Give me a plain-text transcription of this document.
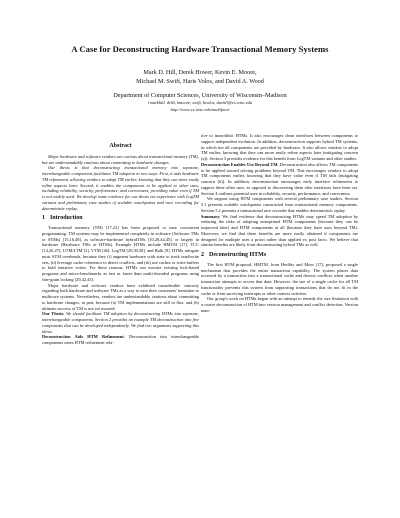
A Case for Deconstructing Hardware Transactional Memory Systems
Mark D. Hill, Derek Hower, Kevin E. Moore,
Michael M. Swift, Haris Volos, and David A. Wood
Department of Computer Sciences, University of Wisconsin–Madison
{markhill, drh5, kmoore, swift, hvolos, david}@cs.wisc.edu
http://www.cs.wisc.edu/multifacet
Abstract

Major hardware and software vendors are curious about transactional memory (TM), but are understandably cautious about committing to hardware changes.

Our thesis is that deconstructing transactional memory into separate, interchangeable components facilitates TM adoption in two ways. First, it aids hardware TM refinement, allowing vendors to adopt TM earlier, knowing that they can more easily refine aspects later. Second, it enables the components to be applied to other uses, including reliability, security, performance, and correctness, providing value even if TM is not widely used. We develop some evidence for our thesis via experience with LogTM variants and preliminary case studies of scalable watchpoints and race recording for deterministic replay.

1 Introduction

Transactional memory (TM) [17,22] has been proposed to ease concurrent programming. TM systems may be implemented completely in software (Software TMs or STMs) [15,16,48], as software-hardware hybridTMs [10,20,44,45], or largely in hardware (Hardware TMs or HTMs). Example HTMs include HMTM [17], TCC [14,26,27], UTM/LTM [2], VTM [46], LogTM [29,30,58], and Bulk [8]. HTMs mitigate most STM overheads, because they (i) augment hardware with state to track read/write sets, (ii) leverage cache coherence to detect conflicts, and (iii) use caches or write buffers to hold tentative writes. For these reasons, HTMs can execute existing lock-based programs and micro-benchmarks as fast or faster than multi-threaded programs using fine-grain locking [29,42,43].

Major hardware and software vendors have exhibited considerable curiosity regarding both hardware and software TMs as a way to ease their customers' transition to multicore systems. Nevertheless, vendors are understandably cautious about committing to hardware changes, in part, because (a) TM implementations are still in flux, and (b) ultimate success of TM is not yet assured.

Our Thesis. We should facilitate TM adoption by deconstructing HTMs into separate, interchangeable components. Section 2 provides an example TM deconstruction into five components that can be developed independently. We find two arguments supporting this thesis.

Deconstruction Aids HTM Refinement. Deconstruction into interchangeable components eases HTM refinement rela-

tive to monolithic HTMs. It also encourages clean interfaces between components to support independent evolution. In addition, deconstruction supports hybrid TM systems, in which not all components are provided by hardware. It also allows vendors to adopt TM earlier, knowing that they can more easily refine aspects later (mitigating concern (a)). Section 3 provides evidence for this benefit from LogTM variants and other studies.

Deconstruction Enables Use Beyond TM. Deconstruction also allows TM components to be applied toward solving problems beyond TM. This encourages vendors to adopt TM components earlier, knowing that they have value even if TM fails (mitigating concern (b)). In addition, deconstruction encourages early interface refinement to support these other uses, as opposed to discovering them after interfaces have been set. Section 4 outlines potential uses in reliability, security, performance, and correctness.

We support using HTM components with several preliminary case studies. Section 5.1 presents scalable watchpoints constructed from transactional memory components. Section 5.2 presents a transactional race recorder that enables deterministic replay.

Summary. We find evidence that deconstructing HTMs may speed TM adoption by reducing the risks of adopting nonoptimal HTM components (because they can be improved later) and HTM components at all (because they have uses beyond TM). Moreover, we find that these benefits are more easily obtained if components are designed for multiple uses a priori rather than applied ex post facto. We believe that similar benefits are likely from deconstructing hybrid TMs as well.

2 Deconstructing HTMs

The first HTM proposal, HMTM, from Herlihy and Moss [17], proposed a single mechanism that provides the entire transaction capability. The system places data accessed by a transaction into a transactional cache and detects conflicts when another transaction attempts to access that data. However, the use of a single cache for all TM functionality prevents this system from supporting transactions that do not fit in the cache or from surviving interrupts or other context switches.

Our group's work on HTMs began with an attempt to remedy the size limitation with a coarse deconstruction of HTM into version management and conflict detection. Version man-
